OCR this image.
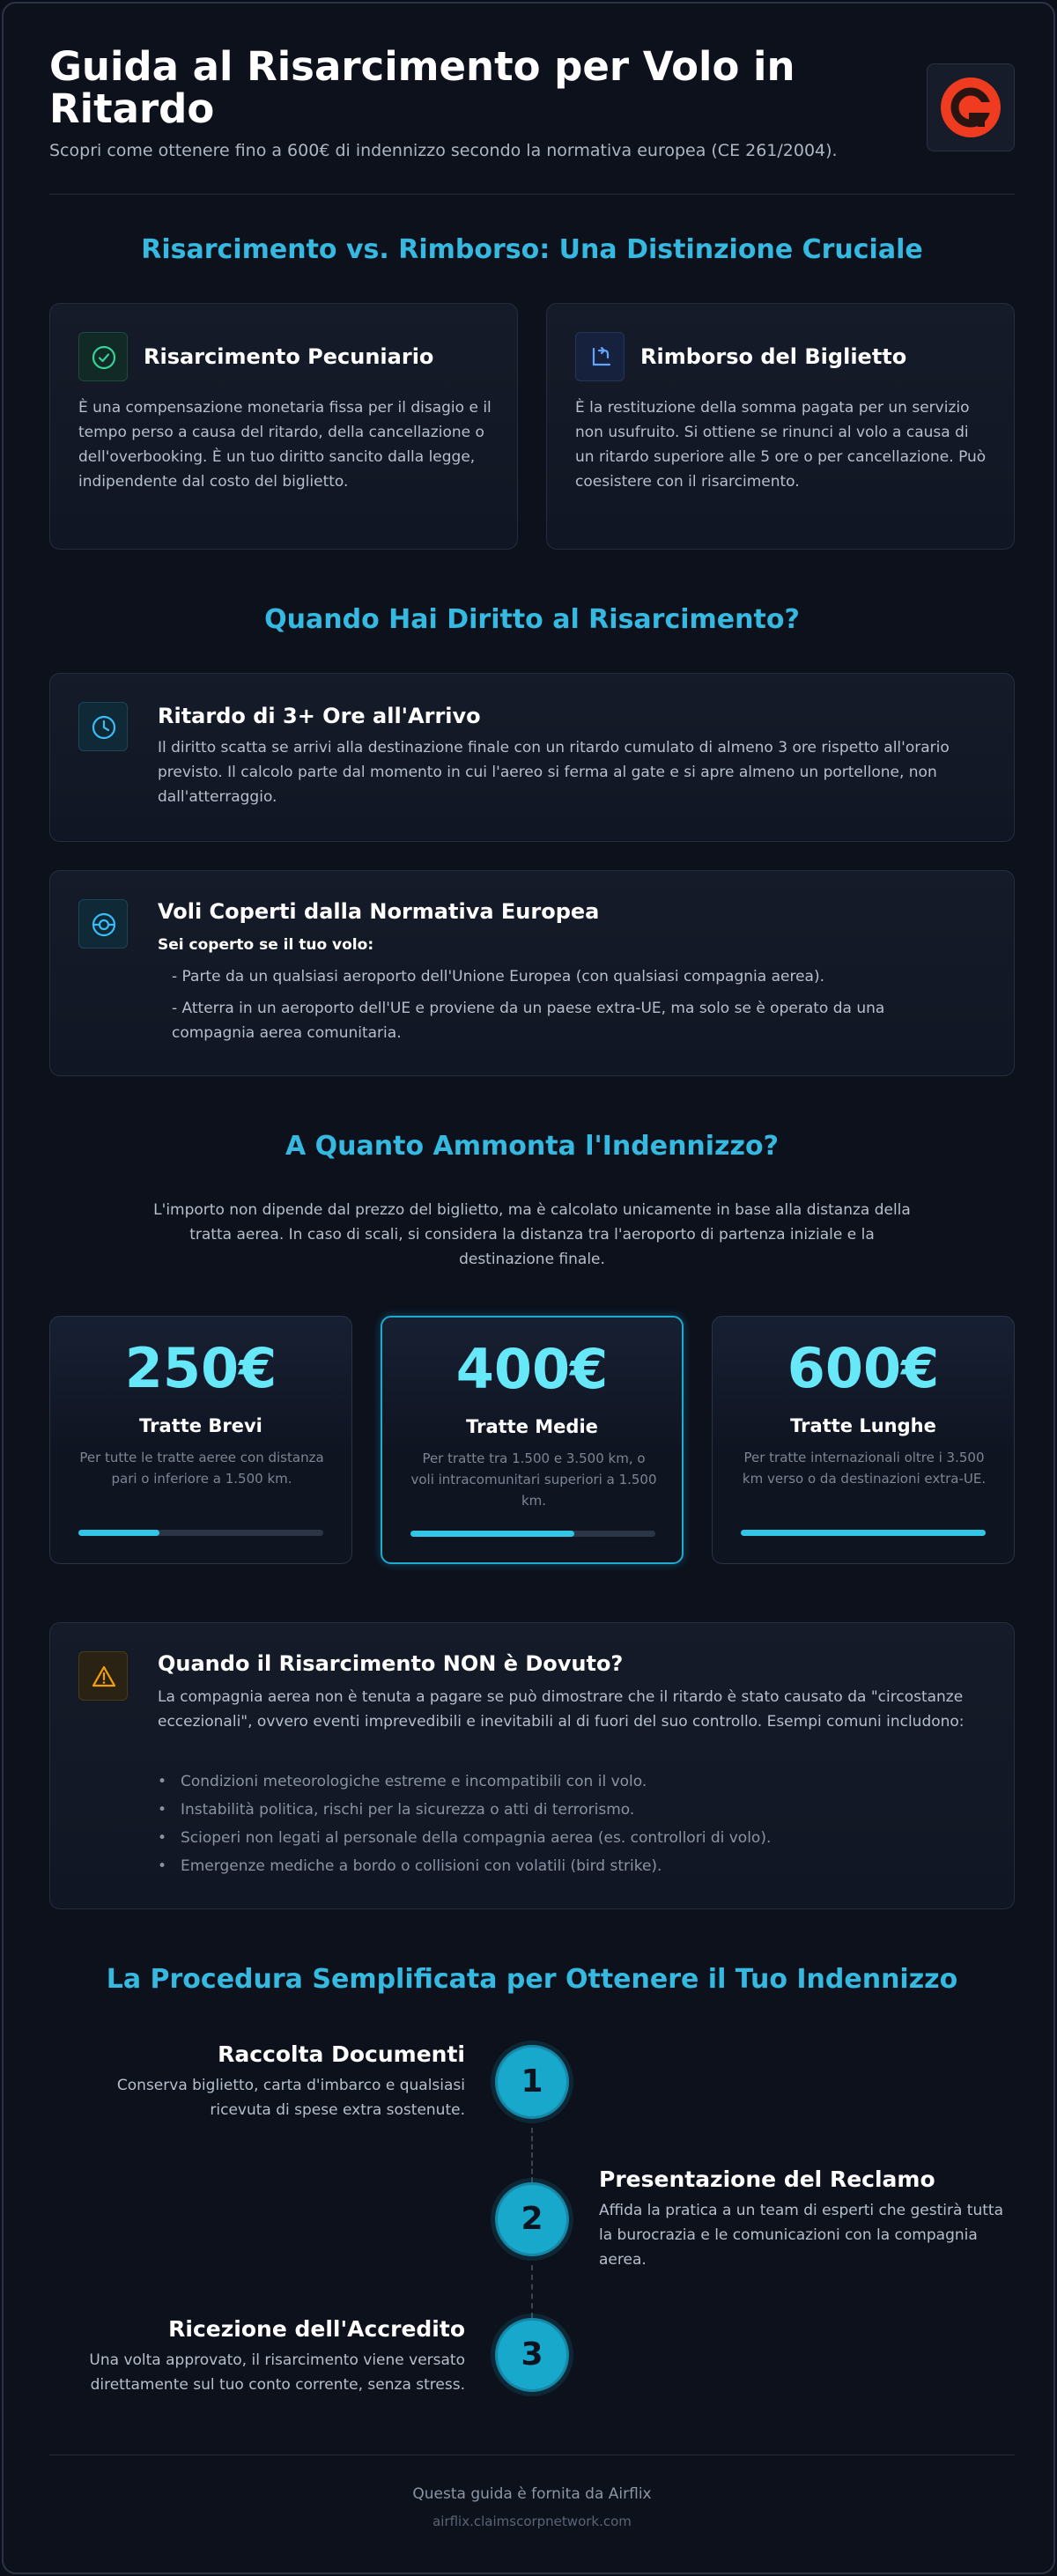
Guida al Risarcimento per Volo in Ritardo

Scopri come ottenere fino a 600€ di indennizzo secondo la normativa europea (CE 261/2004).

Risarcimento vs. Rimborso: Una Distinzione Cruciale

Risarcimento Pecuniario

È una compensazione monetaria fissa per il disagio e il tempo perso a causa del ritardo, della cancellazione o dell'overbooking. È un tuo diritto sancito dalla legge, indipendente dal costo del biglietto.

Rimborso del Biglietto

È la restituzione della somma pagata per un servizio non usufruito. Si ottiene se rinunci al volo a causa di un ritardo superiore alle 5 ore o per cancellazione. Può coesistere con il risarcimento.

Quando Hai Diritto al Risarcimento?

Ritardo di 3+ Ore all'Arrivo

Il diritto scatta se arrivi alla destinazione finale con un ritardo cumulato di almeno 3 ore rispetto all'orario previsto. Il calcolo parte dal momento in cui l'aereo si ferma al gate e si apre almeno un portellone, non dall'atterraggio.

Voli Coperti dalla Normativa Europea

Sei coperto se il tuo volo:

- Parte da un qualsiasi aeroporto dell'Unione Europea (con qualsiasi compagnia aerea).

- Atterra in un aeroporto dell'UE e proviene da un paese extra-UE, ma solo se è operato da una compagnia aerea comunitaria.

A Quanto Ammonta l'Indennizzo?

L'importo non dipende dal prezzo del biglietto, ma è calcolato unicamente in base alla distanza della tratta aerea. In caso di scali, si considera la distanza tra l'aeroporto di partenza iniziale e la destinazione finale.

250€
Tratte Brevi
Per tutte le tratte aeree con distanza pari o inferiore a 1.500 km.
400€
Tratte Medie
Per tratte tra 1.500 e 3.500 km, o voli intracomunitari superiori a 1.500 km.
600€
Tratte Lunghe
Per tratte internazionali oltre i 3.500 km verso o da destinazioni extra-UE.

Quando il Risarcimento NON è Dovuto?

La compagnia aerea non è tenuta a pagare se può dimostrare che il ritardo è stato causato da "circostanze eccezionali", ovvero eventi imprevedibili e inevitabili al di fuori del suo controllo. Esempi comuni includono:

• Condizioni meteorologiche estreme e incompatibili con il volo.
• Instabilità politica, rischi per la sicurezza o atti di terrorismo.
• Scioperi non legati al personale della compagnia aerea (es. controllori di volo).
• Emergenze mediche a bordo o collisioni con volatili (bird strike).
La Procedura Semplificata per Ottenere il Tuo Indennizzo
1

Raccolta Documenti

Conserva biglietto, carta d'imbarco e qualsiasi ricevuta di spese extra sostenute.

2

Presentazione del Reclamo

Affida la pratica a un team di esperti che gestirà tutta la burocrazia e le comunicazioni con la compagnia aerea.

3

Ricezione dell'Accredito

Una volta approvato, il risarcimento viene versato direttamente sul tuo conto corrente, senza stress.

Questa guida è fornita da Airflix
airflix.claimscorpnetwork.com
